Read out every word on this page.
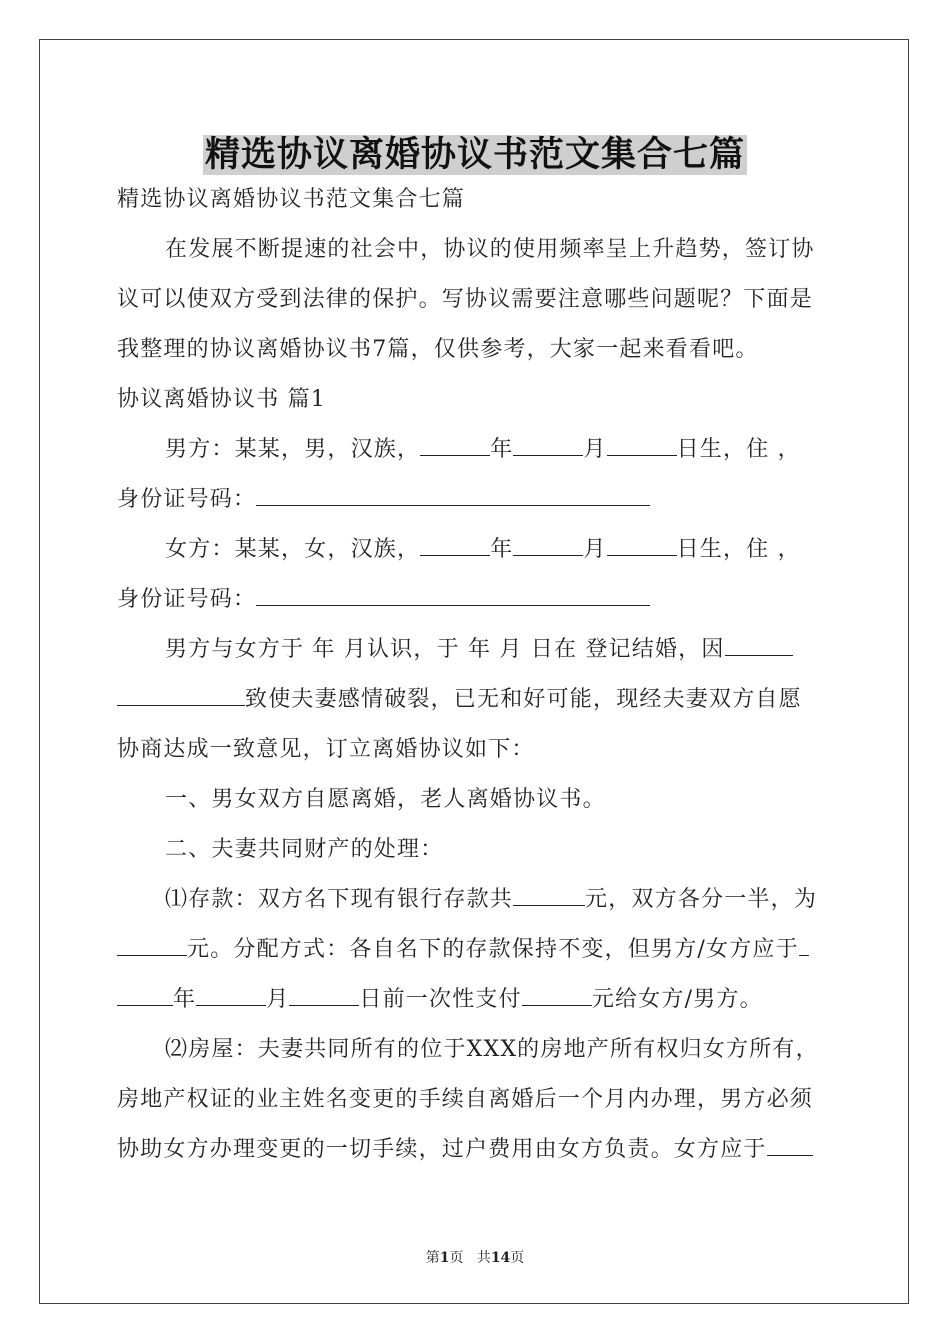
精选协议离婚协议书范文集合七篇
精选协议离婚协议书范文集合七篇
在发展不断提速的社会中，协议的使用频率呈上升趋势，签订协
议可以使双方受到法律的保护。写协议需要注意哪些问题呢？下面是
我整理的协议离婚协议书7篇，仅供参考，大家一起来看看吧。
协议离婚协议书 篇1
男方：某某，男，汉族，	年	月	日生，住 ，
身份证号码：
女方：某某，女，汉族，	年	月	日生，住 ，
身份证号码：
男方与女方于 年 月认识，于 年 月 日在 登记结婚，因
致使夫妻感情破裂，已无和好可能，现经夫妻双方自愿
协商达成一致意见，订立离婚协议如下：
一、男女双方自愿离婚，老人离婚协议书。
二、夫妻共同财产的处理：
⑴存款：双方名下现有银行存款共	元，双方各分一半，为
元。分配方式：各自名下的存款保持不变，但男方/女方应于
年	月	日前一次性支付	元给女方/男方。
⑵房屋：夫妻共同所有的位于XXX的房地产所有权归女方所有，
房地产权证的业主姓名变更的手续自离婚后一个月内办理，男方必须
协助女方办理变更的一切手续，过户费用由女方负责。女方应于
第1页 共14页
